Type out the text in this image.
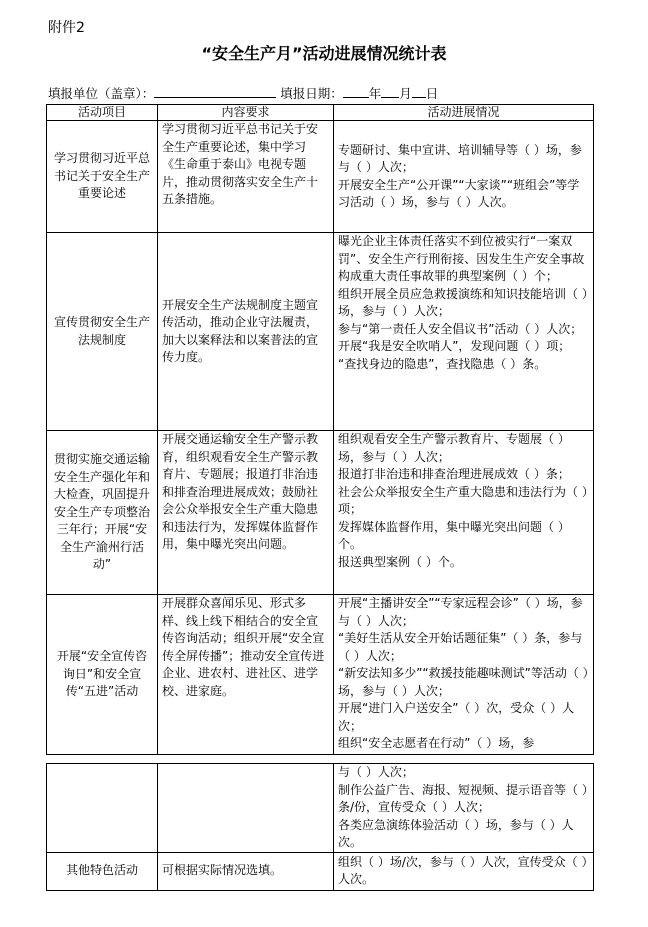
附件2
“安全生产月”活动进展情况统计表
填报单位（盖章）：	填报日期： 年 月 日
活动项目	内容要求	活动进展情况
学习贯彻习近平总书记关于安全生产重要论述	学习贯彻习近平总书记关于安全生产重要论述，集中学习《生命重于泰山》电视专题片，推动贯彻落实安全生产十五条措施。	专题研讨、集中宣讲、培训辅导等（ ）场，参与（ ）人次；
开展安全生产“公开课”“大家谈”“班组会”等学习活动（ ）场，参与（ ）人次。

宣传贯彻安全生产法规制度	开展安全生产法规制度主题宣传活动，推动企业守法履责，加大以案释法和以案普法的宣传力度。	曝光企业主体责任落实不到位被实行“一案双罚”、安全生产行刑衔接、因发生生产安全事故构成重大责任事故罪的典型案例（ ）个；
组织开展全员应急救援演练和知识技能培训（ ）场，参与（ ）人次；
参与“第一责任人安全倡议书”活动（ ）人次；
开展“我是安全吹哨人”，发现问题（ ）项；
“查找身边的隐患”，查找隐患（ ）条。

贯彻实施交通运输安全生产强化年和大检查，巩固提升安全生产专项整治三年行；开展“安全生产渝州行活动”	开展交通运输安全生产警示教育，组织观看安全生产警示教育片、专题展；报道打非治违和排查治理进展成效；鼓励社会公众举报安全生产重大隐患和违法行为，发挥媒体监督作用，集中曝光突出问题。	组织观看安全生产警示教育片、专题展（ ）场，参与（ ）人次；
报道打非治违和排查治理进展成效（ ）条；
社会公众举报安全生产重大隐患和违法行为（ ）项；
发挥媒体监督作用，集中曝光突出问题（ ）个。
报送典型案例（ ）个。

开展“安全宣传咨询日”和安全宣传“五进”活动	开展群众喜闻乐见、形式多样、线上线下相结合的安全宣传咨询活动；组织开展“安全宣传全屏传播”；推动安全宣传进企业、进农村、进社区、进学校、进家庭。	开展“主播讲安全”“专家远程会诊”（ ）场，参与（ ）人次；
“美好生活从安全开始话题征集”（ ）条，参与（ ）人次；
“新安法知多少”“救援技能趣味测试”等活动（ ）场，参与（ ）人次；
开展“进门入户送安全”（ ）次，受众（ ）人次；
组织“安全志愿者在行动”（ ）场，参

		与（ ）人次；
制作公益广告、海报、短视频、提示语音等（ ）条/份，宣传受众（ ）人次；
各类应急演练体验活动（ ）场，参与（ ）人次。

其他特色活动	可根据实际情况选填。	组织（ ）场/次，参与（ ）人次，宣传受众（ ）人次。
